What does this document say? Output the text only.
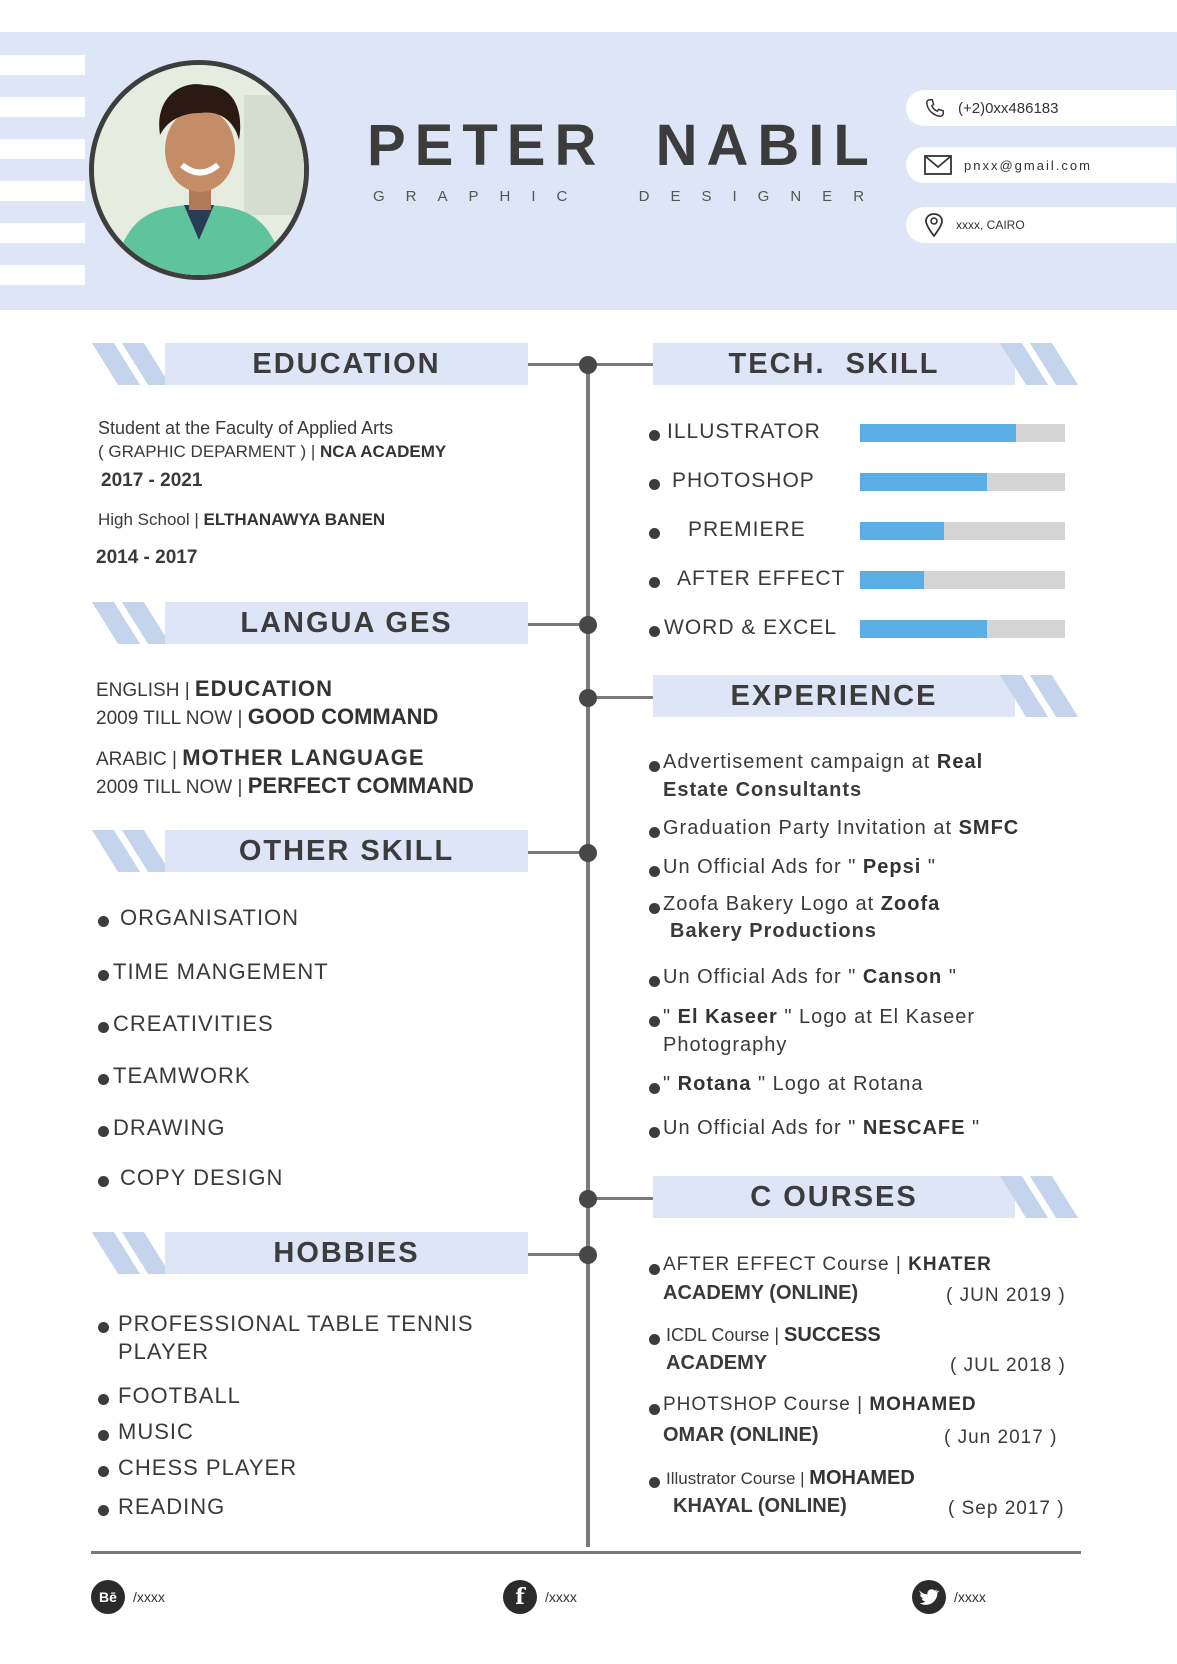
PETER  NABIL
GRAPHIC  DESIGNER
(+2)0xx486183
pnxx@gmail.com
xxxx, CAIRO
EDUCATION
LANGUA GES
OTHER SKILL
HOBBIES
TECH.  SKILL
EXPERIENCE
C OURSES
Student at the Faculty of Applied Arts
( GRAPHIC DEPARMENT ) | NCA ACADEMY
2017 - 2021
High School | ELTHANAWYA BANEN
2014 - 2017
ENGLISH | EDUCATION
2009 TILL NOW | GOOD COMMAND
ARABIC | MOTHER LANGUAGE
2009 TILL NOW | PERFECT COMMAND
ORGANISATION
TIME MANGEMENT
CREATIVITIES
TEAMWORK
DRAWING
COPY DESIGN
PROFESSIONAL TABLE TENNIS
PLAYER
FOOTBALL
MUSIC
CHESS PLAYER
READING
ILLUSTRATOR
PHOTOSHOP
PREMIERE
AFTER EFFECT
WORD & EXCEL
Advertisement campaign at Real
Estate Consultants
Graduation Party Invitation at SMFC
Un Official Ads for " Pepsi "
Zoofa Bakery Logo at Zoofa
Bakery Productions
Un Official Ads for " Canson "
" El Kaseer " Logo at El Kaseer
Photography
" Rotana " Logo at Rotana
Un Official Ads for " NESCAFE "
AFTER EFFECT Course | KHATER
ACADEMY (ONLINE)	( JUN 2019 )
ICDL Course | SUCCESS
ACADEMY	( JUL 2018 )
PHOTSHOP Course | MOHAMED
OMAR (ONLINE)	( Jun 2017 )
Illustrator Course | MOHAMED
KHAYAL (ONLINE)	( Sep 2017 )
Bē	/xxxx	f	/xxxx	/xxxx
